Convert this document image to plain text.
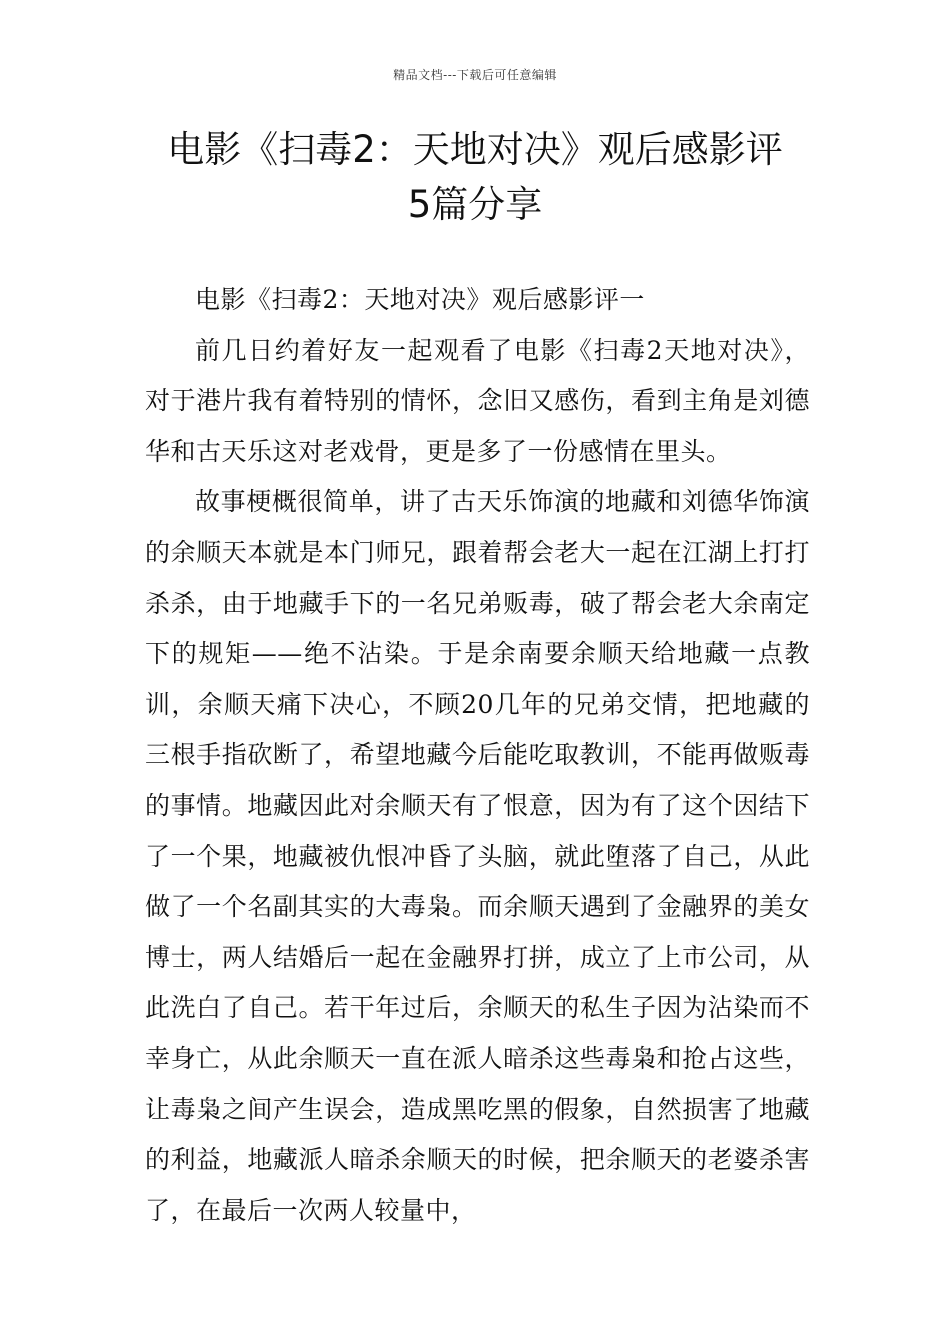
精品文档---下载后可任意编辑
电影《扫毒2：天地对决》观后感影评
5篇分享

电影《扫毒2：天地对决》观后感影评一

前几日约着好友一起观看了电影《扫毒2天地对决》，对于港片我有着特别的情怀，念旧又感伤，看到主角是刘德华和古天乐这对老戏骨，更是多了一份感情在里头。

故事梗概很简单，讲了古天乐饰演的地藏和刘德华饰演的余顺天本就是本门师兄，跟着帮会老大一起在江湖上打打杀杀，由于地藏手下的一名兄弟贩毒，破了帮会老大余南定下的规矩——绝不沾染。于是余南要余顺天给地藏一点教训，余顺天痛下决心，不顾20几年的兄弟交情，把地藏的三根手指砍断了，希望地藏今后能吃取教训，不能再做贩毒的事情。地藏因此对余顺天有了恨意，因为有了这个因结下了一个果，地藏被仇恨冲昏了头脑，就此堕落了自己，从此做了一个名副其实的大毒枭。而余顺天遇到了金融界的美女博士，两人结婚后一起在金融界打拼，成立了上市公司，从此洗白了自己。若干年过后，余顺天的私生子因为沾染而不幸身亡，从此余顺天一直在派人暗杀这些毒枭和抢占这些，让毒枭之间产生误会，造成黑吃黑的假象，自然损害了地藏的利益，地藏派人暗杀余顺天的时候，把余顺天的老婆杀害了，在最后一次两人较量中，
